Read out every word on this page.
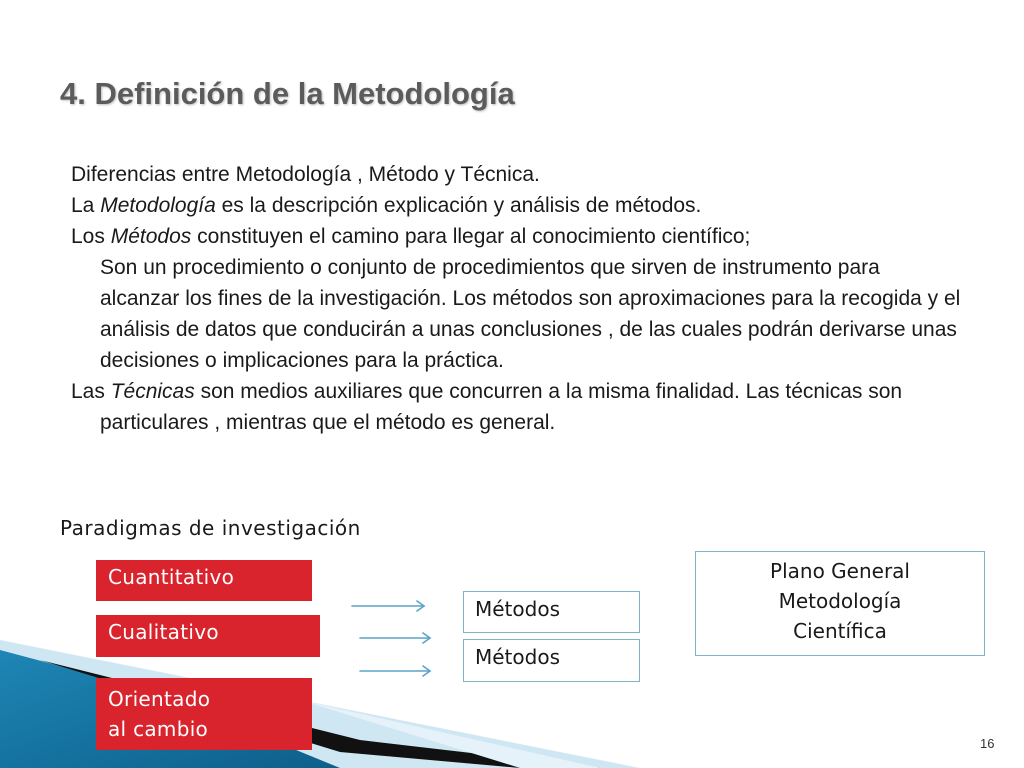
4. Definición de la Metodología

Diferencias entre Metodología , Método y Técnica.

La Metodología es la descripción explicación y análisis de métodos.

Los Métodos constituyen el camino para llegar al conocimiento científico;

Son un procedimiento o conjunto de procedimientos que sirven de instrumento para alcanzar los fines de la investigación. Los métodos son aproximaciones para la recogida y el análisis de datos que conducirán a unas conclusiones , de las cuales podrán derivarse unas decisiones o implicaciones para la práctica.

Las Técnicas son medios auxiliares que concurren a la misma finalidad. Las técnicas son particulares , mientras que el método es general.

Paradigmas de investigación

Cuantitativo
Cualitativo
Orientado
al cambio
Métodos
Métodos
Plano General
Metodología
Científica
16
